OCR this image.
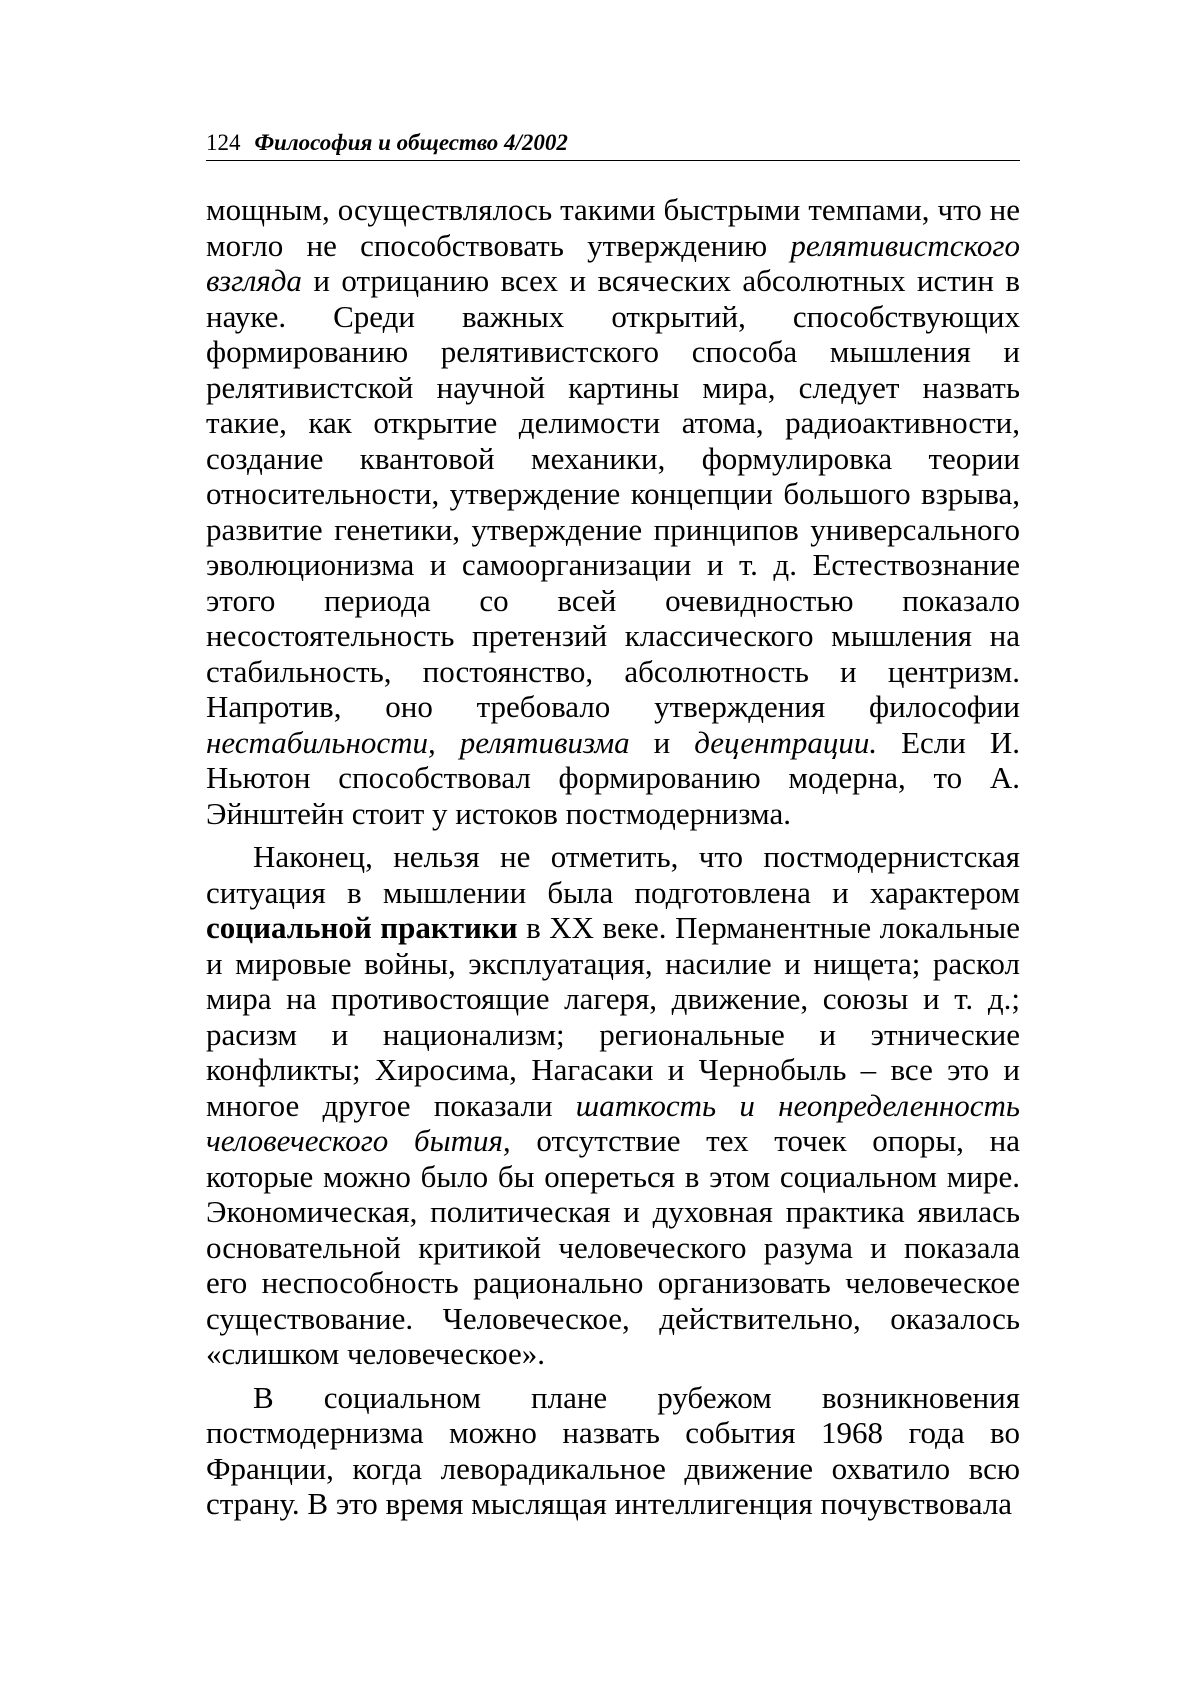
124 Философия и общество 4/2002

мощным, осуществлялось такими быстрыми темпами, что не могло не способствовать утверждению релятивистского взгляда и отрицанию всех и всяческих абсолютных истин в науке. Среди важных открытий, способствующих формированию релятивистского способа мышления и релятивистской научной картины мира, следует назвать такие, как открытие делимости атома, радиоактивности, создание квантовой механики, формулировка теории относительности, утверждение концепции большого взрыва, развитие генетики, утверждение принципов универсального эволюционизма и самоорганизации и т. д. Естествознание этого периода со всей очевидностью показало несостоятельность претензий классического мышления на стабильность, постоянство, абсолютность и центризм. Напротив, оно требовало утверждения философии нестабильности, релятивизма и децентрации. Если И. Ньютон способствовал формированию модерна, то А. Эйнштейн стоит у истоков постмодернизма.

Наконец, нельзя не отметить, что постмодернистская ситуация в мышлении была подготовлена и характером социальной практики в XX веке. Перманентные локальные и мировые войны, эксплуатация, насилие и нищета; раскол мира на противостоящие лагеря, движение, союзы и т. д.; расизм и национализм; региональные и этнические конфликты; Хиросима, Нагасаки и Чернобыль – все это и многое другое показали шаткость и неопределенность человеческого бытия, отсутствие тех точек опоры, на которые можно было бы опереться в этом социальном мире. Экономическая, политическая и духовная практика явилась основательной критикой человеческого разума и показала его неспособность рационально организовать человеческое существование. Человеческое, действительно, оказалось «слишком человеческое».

В социальном плане рубежом возникновения постмодернизма можно назвать события 1968 года во Франции, когда леворадикальное движение охватило всю страну. В это время мыслящая интеллигенция почувствовала
